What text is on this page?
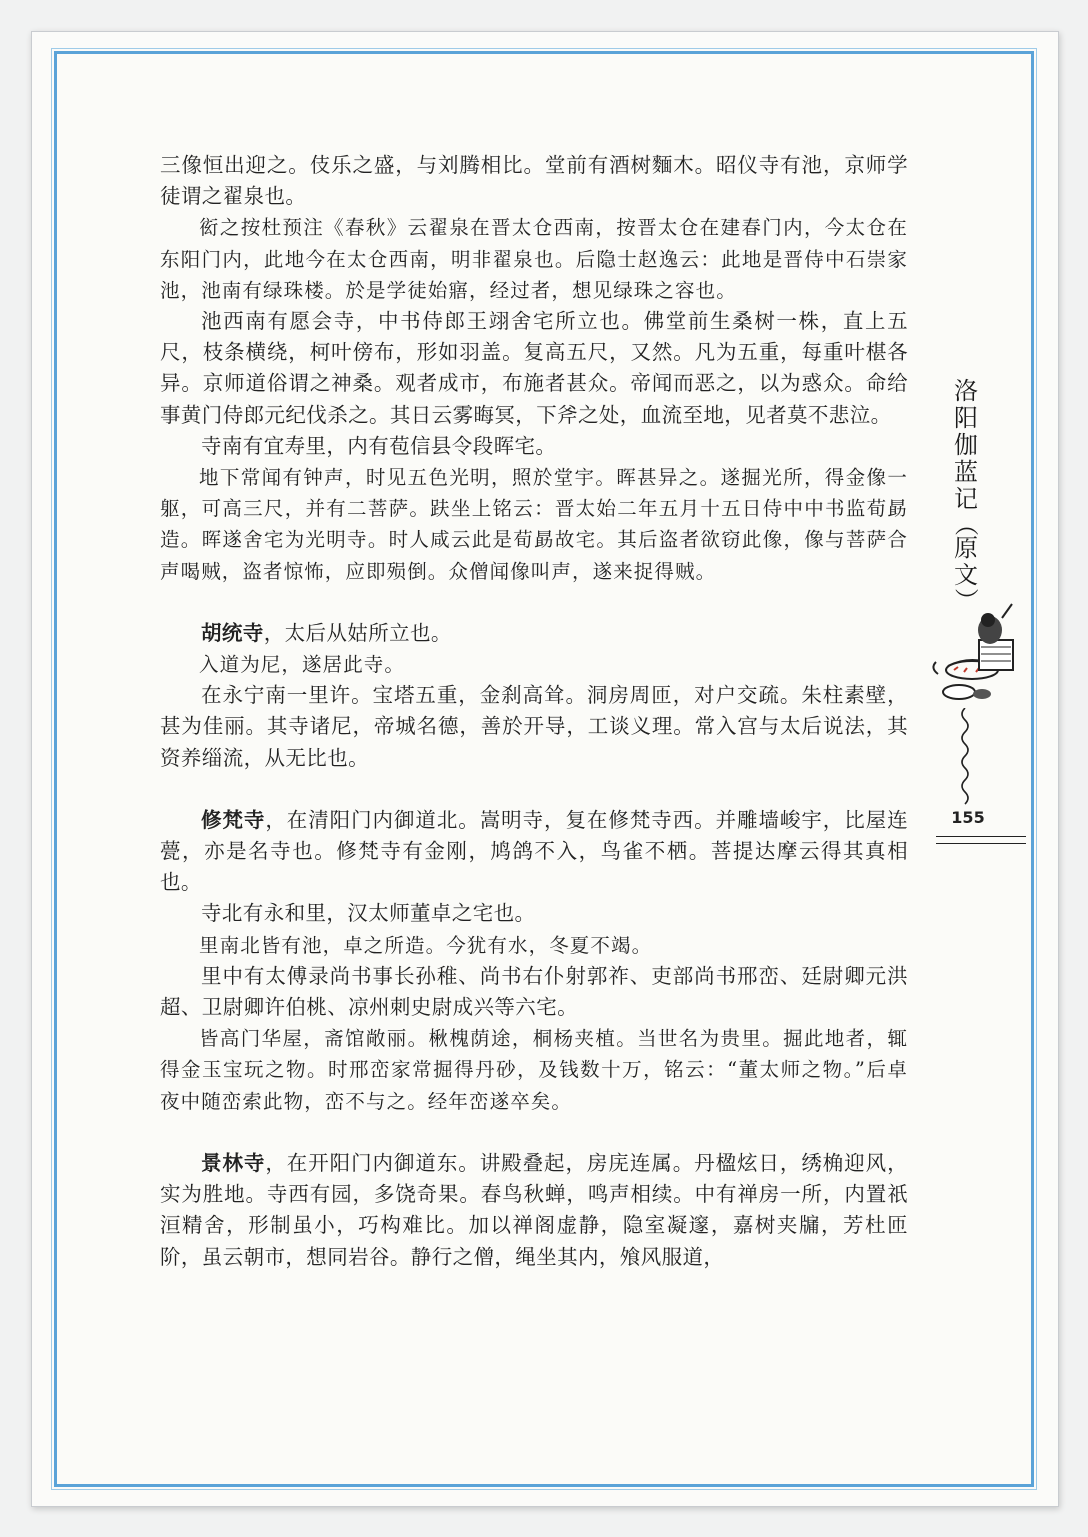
三像恒出迎之。伎乐之盛，与刘腾相比。堂前有酒树麵木。昭仪寺有池，京师学徒谓之翟泉也。

衒之按杜预注《春秋》云翟泉在晋太仓西南，按晋太仓在建春门内，今太仓在东阳门内，此地今在太仓西南，明非翟泉也。后隐士赵逸云：此地是晋侍中石崇家池，池南有绿珠楼。於是学徒始寤，经过者，想见绿珠之容也。

池西南有愿会寺，中书侍郎王翊舍宅所立也。佛堂前生桑树一株，直上五尺，枝条横绕，柯叶傍布，形如羽盖。复高五尺，又然。凡为五重，每重叶椹各异。京师道俗谓之神桑。观者成市，布施者甚众。帝闻而恶之，以为惑众。命给事黄门侍郎元纪伐杀之。其日云雾晦冥，下斧之处，血流至地，见者莫不悲泣。

寺南有宜寿里，内有苞信县令段晖宅。

地下常闻有钟声，时见五色光明，照於堂宇。晖甚异之。遂掘光所，得金像一躯，可高三尺，并有二菩萨。趺坐上铭云：晋太始二年五月十五日侍中中书监荀勗造。晖遂舍宅为光明寺。时人咸云此是荀勗故宅。其后盗者欲窃此像，像与菩萨合声喝贼，盗者惊怖，应即殒倒。众僧闻像叫声，遂来捉得贼。

胡统寺，太后从姑所立也。

入道为尼，遂居此寺。

在永宁南一里许。宝塔五重，金刹高耸。洞房周匝，对户交疏。朱柱素壁，甚为佳丽。其寺诸尼，帝城名德，善於开导，工谈义理。常入宫与太后说法，其资养缁流，从无比也。

修梵寺，在清阳门内御道北。嵩明寺，复在修梵寺西。并雕墙峻宇，比屋连甍，亦是名寺也。修梵寺有金刚，鸠鸽不入，鸟雀不栖。菩提达摩云得其真相也。

寺北有永和里，汉太师董卓之宅也。

里南北皆有池，卓之所造。今犹有水，冬夏不竭。

里中有太傅录尚书事长孙稚、尚书右仆射郭祚、吏部尚书邢峦、廷尉卿元洪超、卫尉卿许伯桃、凉州刺史尉成兴等六宅。

皆高门华屋，斋馆敞丽。楸槐荫途，桐杨夹植。当世名为贵里。掘此地者，辄得金玉宝玩之物。时邢峦家常掘得丹砂，及钱数十万，铭云：“董太师之物。”后卓夜中随峦索此物，峦不与之。经年峦遂卒矣。

景林寺，在开阳门内御道东。讲殿叠起，房庑连属。丹楹炫日，绣桷迎风，实为胜地。寺西有园，多饶奇果。春鸟秋蝉，鸣声相续。中有禅房一所，内置祇洹精舍，形制虽小，巧构难比。加以禅阁虚静，隐室凝邃，嘉树夹牖，芳杜匝阶，虽云朝市，想同岩谷。静行之僧，绳坐其内，飧风服道，

洛
阳
伽
蓝
记
（
原
文
）
155
